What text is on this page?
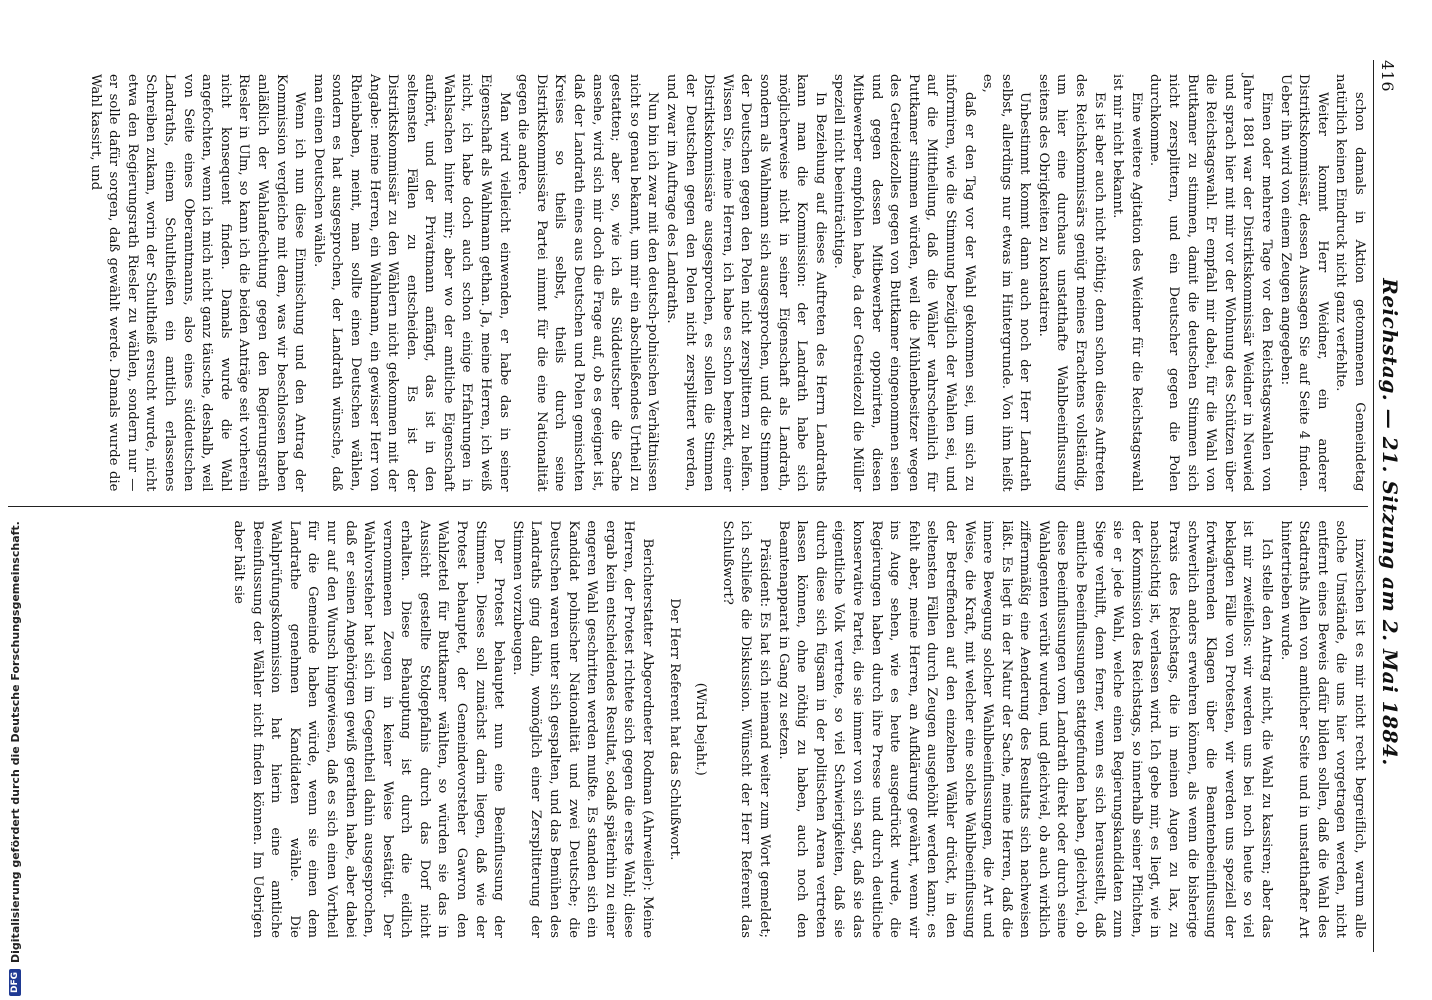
416
Reichstag. — 21. Sitzung am 2. Mai 1884.

schon damals in Aktion getommenen Gemeindetag natürlich keinen Eindruck nicht ganz verfehlte.

Weiter kommt Herr Weidner, ein anderer Distriktskommissär, dessen Aussagen Sie auf Seite 4 finden. Ueber ihn wird von einem Zeugen angegeben:

Einen oder mehrere Tage vor den Reichstagswahlen von Jahre 1881 war der Distriktskommissär Weidner in Neuwied und sprach hier mit mir vor der Wohnung des Schützen über die Reichstagswahl. Er empfahl mir dabei, für die Wahl von Buttkamer zu stimmen, damit die deutschen Stimmen sich nicht zersplittern, und ein Deutscher gegen die Polen durchkomme.

Eine weitere Agitation des Weidner für die Reichstagswahl ist mir nicht bekannt.

Es ist aber auch nicht nöthig; denn schon dieses Auftreten des Reichskommissärs genügt meines Erachtens vollständig, um hier eine durchaus unstatthafte Wahlbeeinflussung seitens des Obrigkeiten zu konstatiren.

Unbestimmt kommt dann auch noch der Herr Landrath selbst, allerdings nur etwas im Hintergrunde. Von ihm heißt es,

daß er den Tag vor der Wahl gekommen sei, um sich zu informiren, wie die Stimmung bezüglich der Wahlen sei, und auf die Mittheilung, daß die Wähler wahrscheinlich für Puttkamer stimmen würden, weil die Mühlenbesitzer wegen des Getreidezolles gegen von Buttkamer eingenommen seien und gegen dessen Mitbewerber opponirten, diesen Mitbewerber empfohlen habe, da der Getreidezoll die Müller speziell nicht beeinträchtige.

In Beziehung auf dieses Auftreten des Herrn Landraths kann man die Kommission: der Landrath habe sich möglicherweise nicht in seiner Eigenschaft als Landrath, sondern als Wahlmann sich ausgesprochen, und die Stimmen der Deutschen gegen den Polen nicht zersplittern zu helfen. Wissen Sie, meine Herren, ich habe es schon bemerkt, einer Distriktskommissäre ausgesprochen, es sollen die Stimmen der Deutschen gegen den Polen nicht zersplittert werden, und zwar im Auftrage des Landraths.

Nun bin ich zwar mit den deutsch-polnischen Verhältnissen nicht so genau bekannt, um mir ein abschließendes Urtheil zu gestatten; aber so, wie ich als Süddeutscher die Sache ansehe, wird sich mir doch die Frage auf, ob es geeignet ist, daß der Landrath eines aus Deutschen und Polen gemischten Kreises so theils selbst, theils durch seine Distriktskommissäre Partei nimmt für die eine Nationalität gegen die andere.

Man wird vielleicht einwenden, er habe das in seiner Eigenschaft als Wahlmann gethan. Ja, meine Herren, ich weiß nicht, ich habe doch auch schon einige Erfahrungen in Wahlsachen hinter mir; aber wo der amtliche Eigenschaft aufhört, und der Privatmann anfängt, das ist in den seltensten Fällen zu entscheiden. Es ist der Distriktskommissär zu den Wählern nicht gekommen mit der Angabe: meine Herren, ein Wahlmann, ein gewisser Herr von Rheinbaben, meint, man sollte einen Deutschen wählen, sondern es hat ausgesprochen, der Landrath wünsche, daß man einen Deutschen wähle.

Wenn ich nun diese Einmischung und den Antrag der Kommission vergleiche mit dem, was wir beschlossen haben anläßlich der Wahlanfechtung gegen den Regierungsrath Riesler in Ulm, so kann ich die beiden Anträge seit vorherein nicht konsequent finden. Damals wurde die Wahl angefochten, wenn ich mich nicht ganz täusche, deshalb, weil von Seite eines Oberamtmanns, also eines süddeutschen Landraths, einem Schultheißen ein amtlich erlassenes Schreiben zukam, worin der Schultheiß ersucht wurde, nicht etwa den Regierungsrath Riesler zu wählen, sondern nur — er solle dafür sorgen, daß gewählt werde. Damals wurde die Wahl kassirt, und

inzwischen ist es mir nicht recht begreiflich, warum alle solche Umstände, die uns hier vorgetragen werden, nicht entfernt eines Beweis dafür bilden sollen, daß die Wahl des Stadtraths Allen von amtlicher Seite und in unstatthafter Art hintertrieben wurde.

Ich stelle den Antrag nicht, die Wahl zu kassiren; aber das ist mir zweifellos: wir werden uns bei noch heute so viel beklagten Fälle von Protesten, wir werden uns speziell der fortwährenden Klagen über die Beamtenbeeinflussung schwerlich anders erwehren können, als wenn die bisherige Praxis des Reichstags, die in meinen Augen zu lax, zu nachsichtig ist, verlassen wird. Ich gebe mir, es liegt, wie in der Kommission des Reichstags, so innerhalb seiner Pflichten, sie er jede Wahl, welche einen Regierungskandidaten zum Siege verhilft, denn ferner, wenn es sich herausstellt, daß amtliche Beeinflussungen stattgefunden haben, gleichviel, ob diese Beeinflussungen vom Landrath direkt oder durch seine Wahlagenten verübt wurden, und gleichviel, ob auch wirklich ziffernmäßig eine Aenderung des Resultats sich nachweisen läßt. Es liegt in der Natur der Sache, meine Herren, daß die innere Bewegung solcher Wahlbeeinflussungen, die Art und Weise, die Kraft, mit welcher eine solche Wahlbeeinflussung der Betreffenden auf den einzelnen Wähler drückt, in den seltensten Fällen durch Zeugen ausgehöhlt werden kann; es fehlt aber, meine Herren, an Aufklärung gewährt, wenn wir ins Auge sehen, wie es heute ausgedrückt wurde, die Regierungen haben durch ihre Presse und durch deutliche konservative Partei, die sie immer von sich sagt, daß sie das eigentliche Volk vertrete, so viel Schwierigkeiten, daß sie durch diese sich fügsam in der politischen Arena vertreten lassen können, ohne nöthig zu haben, auch noch den Beamtenapparat in Gang zu setzen.

Präsident: Es hat sich niemand weiter zum Wort gemeldet; ich schließe die Diskussion. Wünscht der Herr Referent das Schlußwort?

(Wird bejaht.)

Der Herr Referent hat das Schlußwort.

Berichterstatter Abgeordneter Rodman (Ahrweiler): Meine Herren, der Protest richtete sich gegen die erste Wahl; diese ergab kein entscheidendes Resultat, sodaß späterhin zu einer engeren Wahl geschritten werden mußte. Es standen sich ein Kandidat polnischer Nationalität und zwei Deutsche; die Deutschen waren unter sich gespalten, und das Bemühen des Landraths ging dahin, womöglich einer Zersplitterung der Stimmen vorzubeugen.

Der Protest behauptet nun eine Beeinflussung der Stimmen. Dieses soll zunächst darin liegen, daß wie der Protest behauptet, der Gemeindevorsteher Gawron den Wahlzettel für Buttkamer wählten, so würden sie das in Aussicht gestellte Stolgepfalnis durch das Dorf nicht erhalten. Diese Behauptung ist durch die eidlich vernommenen Zeugen in keiner Weise bestätigt. Der Wahlvorsteher hat sich im Gegentheil dahin ausgesprochen, daß er seinen Angehörigen gewiß gerathen habe, aber dabei nur auf den Wunsch hingewiesen, daß es sich einen Vortheil für die Gemeinde haben würde, wenn sie einen dem Landrathe genehmen Kandidaten wähle. Die Wahlprüfungskommission hat hierin eine amtliche Beeinflussung der Wähler nicht finden können. Im Uebrigen aber hält sie

DFG
Digitalisierung gefördert durch die Deutsche Forschungsgemeinschaft.
